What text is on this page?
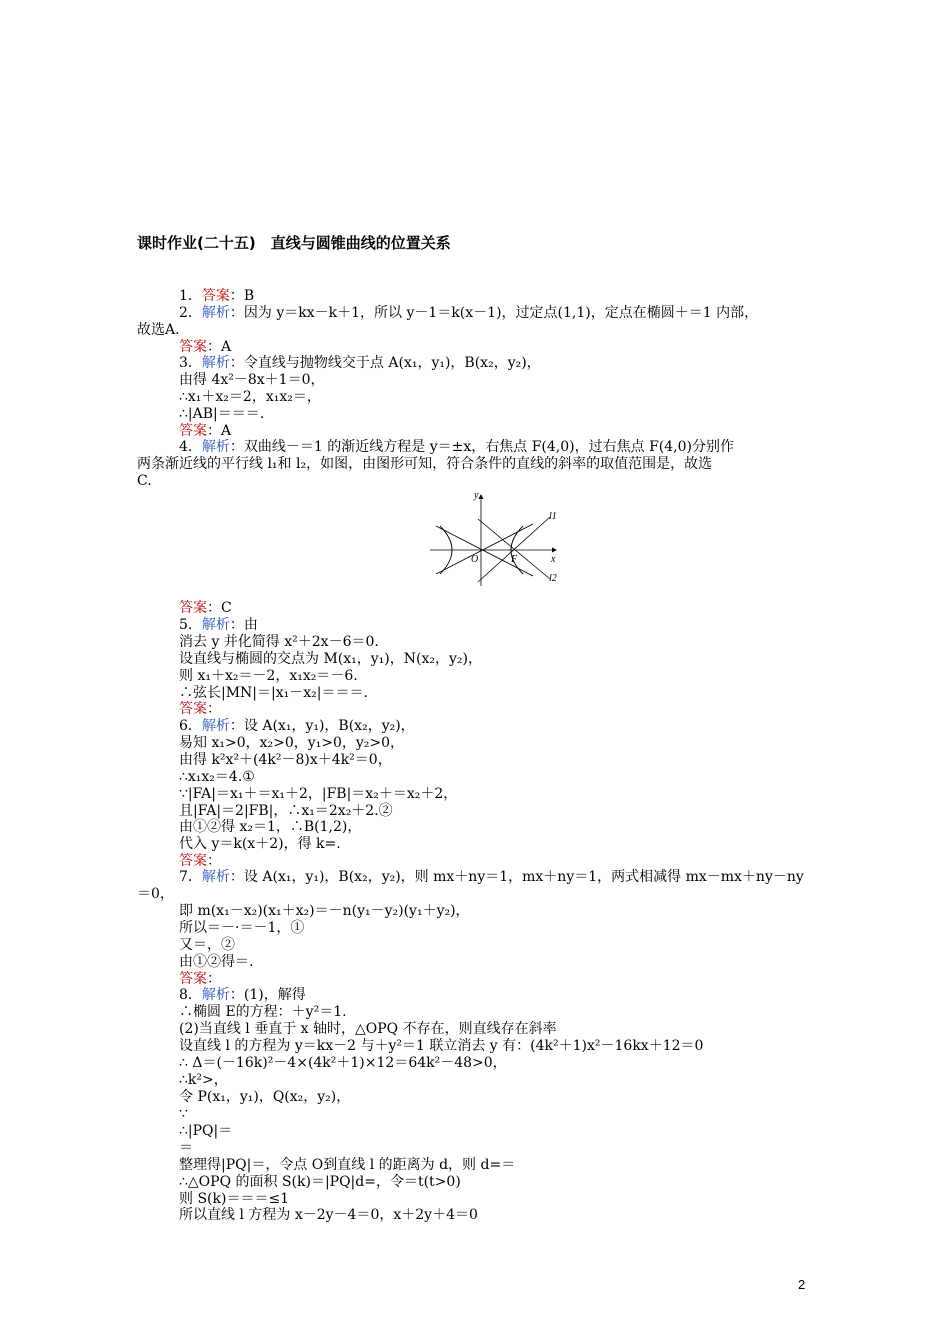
课时作业(二十五)　直线与圆锥曲线的位置关系
1．答案：B
2．解析：因为 y＝kx－k＋1，所以 y－1＝k(x－1)，过定点(1,1)，定点在椭圆＋＝1 内部，
故选A.
答案：A
3．解析：令直线与抛物线交于点 A(x₁，y₁)，B(x₂，y₂)，
由得 4x²－8x＋1＝0，
∴x₁＋x₂＝2，x₁x₂＝，
∴|AB|＝＝＝.
答案：A
4．解析：双曲线－＝1 的渐近线方程是 y＝±x，右焦点 F(4,0)，过右焦点 F(4,0)分别作
两条渐近线的平行线 l₁和 l₂，如图，由图形可知，符合条件的直线的斜率的取值范围是，故选
C.
答案：C
5．解析：由
消去 y 并化简得 x²＋2x－6＝0.
设直线与椭圆的交点为 M(x₁，y₁)，N(x₂，y₂)，
则 x₁＋x₂＝－2，x₁x₂＝－6.
∴弦长|MN|＝|x₁－x₂|＝＝＝.
答案：
6．解析：设 A(x₁，y₁)，B(x₂，y₂)，
易知 x₁>0，x₂>0，y₁>0，y₂>0，
由得 k²x²＋(4k²－8)x＋4k²＝0，
∴x₁x₂＝4.①
∵|FA|＝x₁＋＝x₁＋2，|FB|＝x₂＋＝x₂＋2，
且|FA|＝2|FB|，∴x₁＝2x₂＋2.②
由①②得 x₂＝1，∴B(1,2)，
代入 y＝k(x＋2)，得 k=.
答案：
7．解析：设 A(x₁，y₁)，B(x₂，y₂)，则 mx＋ny＝1，mx＋ny＝1，两式相减得 mx－mx＋ny－ny
＝0，
即 m(x₁－x₂)(x₁＋x₂)＝－n(y₁－y₂)(y₁＋y₂)，
所以＝－·＝－1，①
又＝，②
由①②得＝.
答案：
8．解析：(1)，解得
∴椭圆 E的方程：＋y²＝1.
(2)当直线 l 垂直于 x 轴时，△OPQ 不存在，则直线存在斜率
设直线 l 的方程为 y＝kx－2 与＋y²＝1 联立消去 y 有：(4k²＋1)x²－16kx＋12＝0
∴ Δ＝(－16k)²－4×(4k²＋1)×12＝64k²－48>0，
∴k²>，
令 P(x₁，y₁)，Q(x₂，y₂)，
∵
∴|PQ|＝
＝
整理得|PQ|＝，令点 O到直线 l 的距离为 d，则 d=＝
∴△OPQ 的面积 S(k)＝|PQ|d=，令＝t(t>0)
则 S(k)＝＝＝≤1
所以直线 l 方程为 x－2y－4＝0，x＋2y＋4＝0
y
x
O	F
l1
l2
2
